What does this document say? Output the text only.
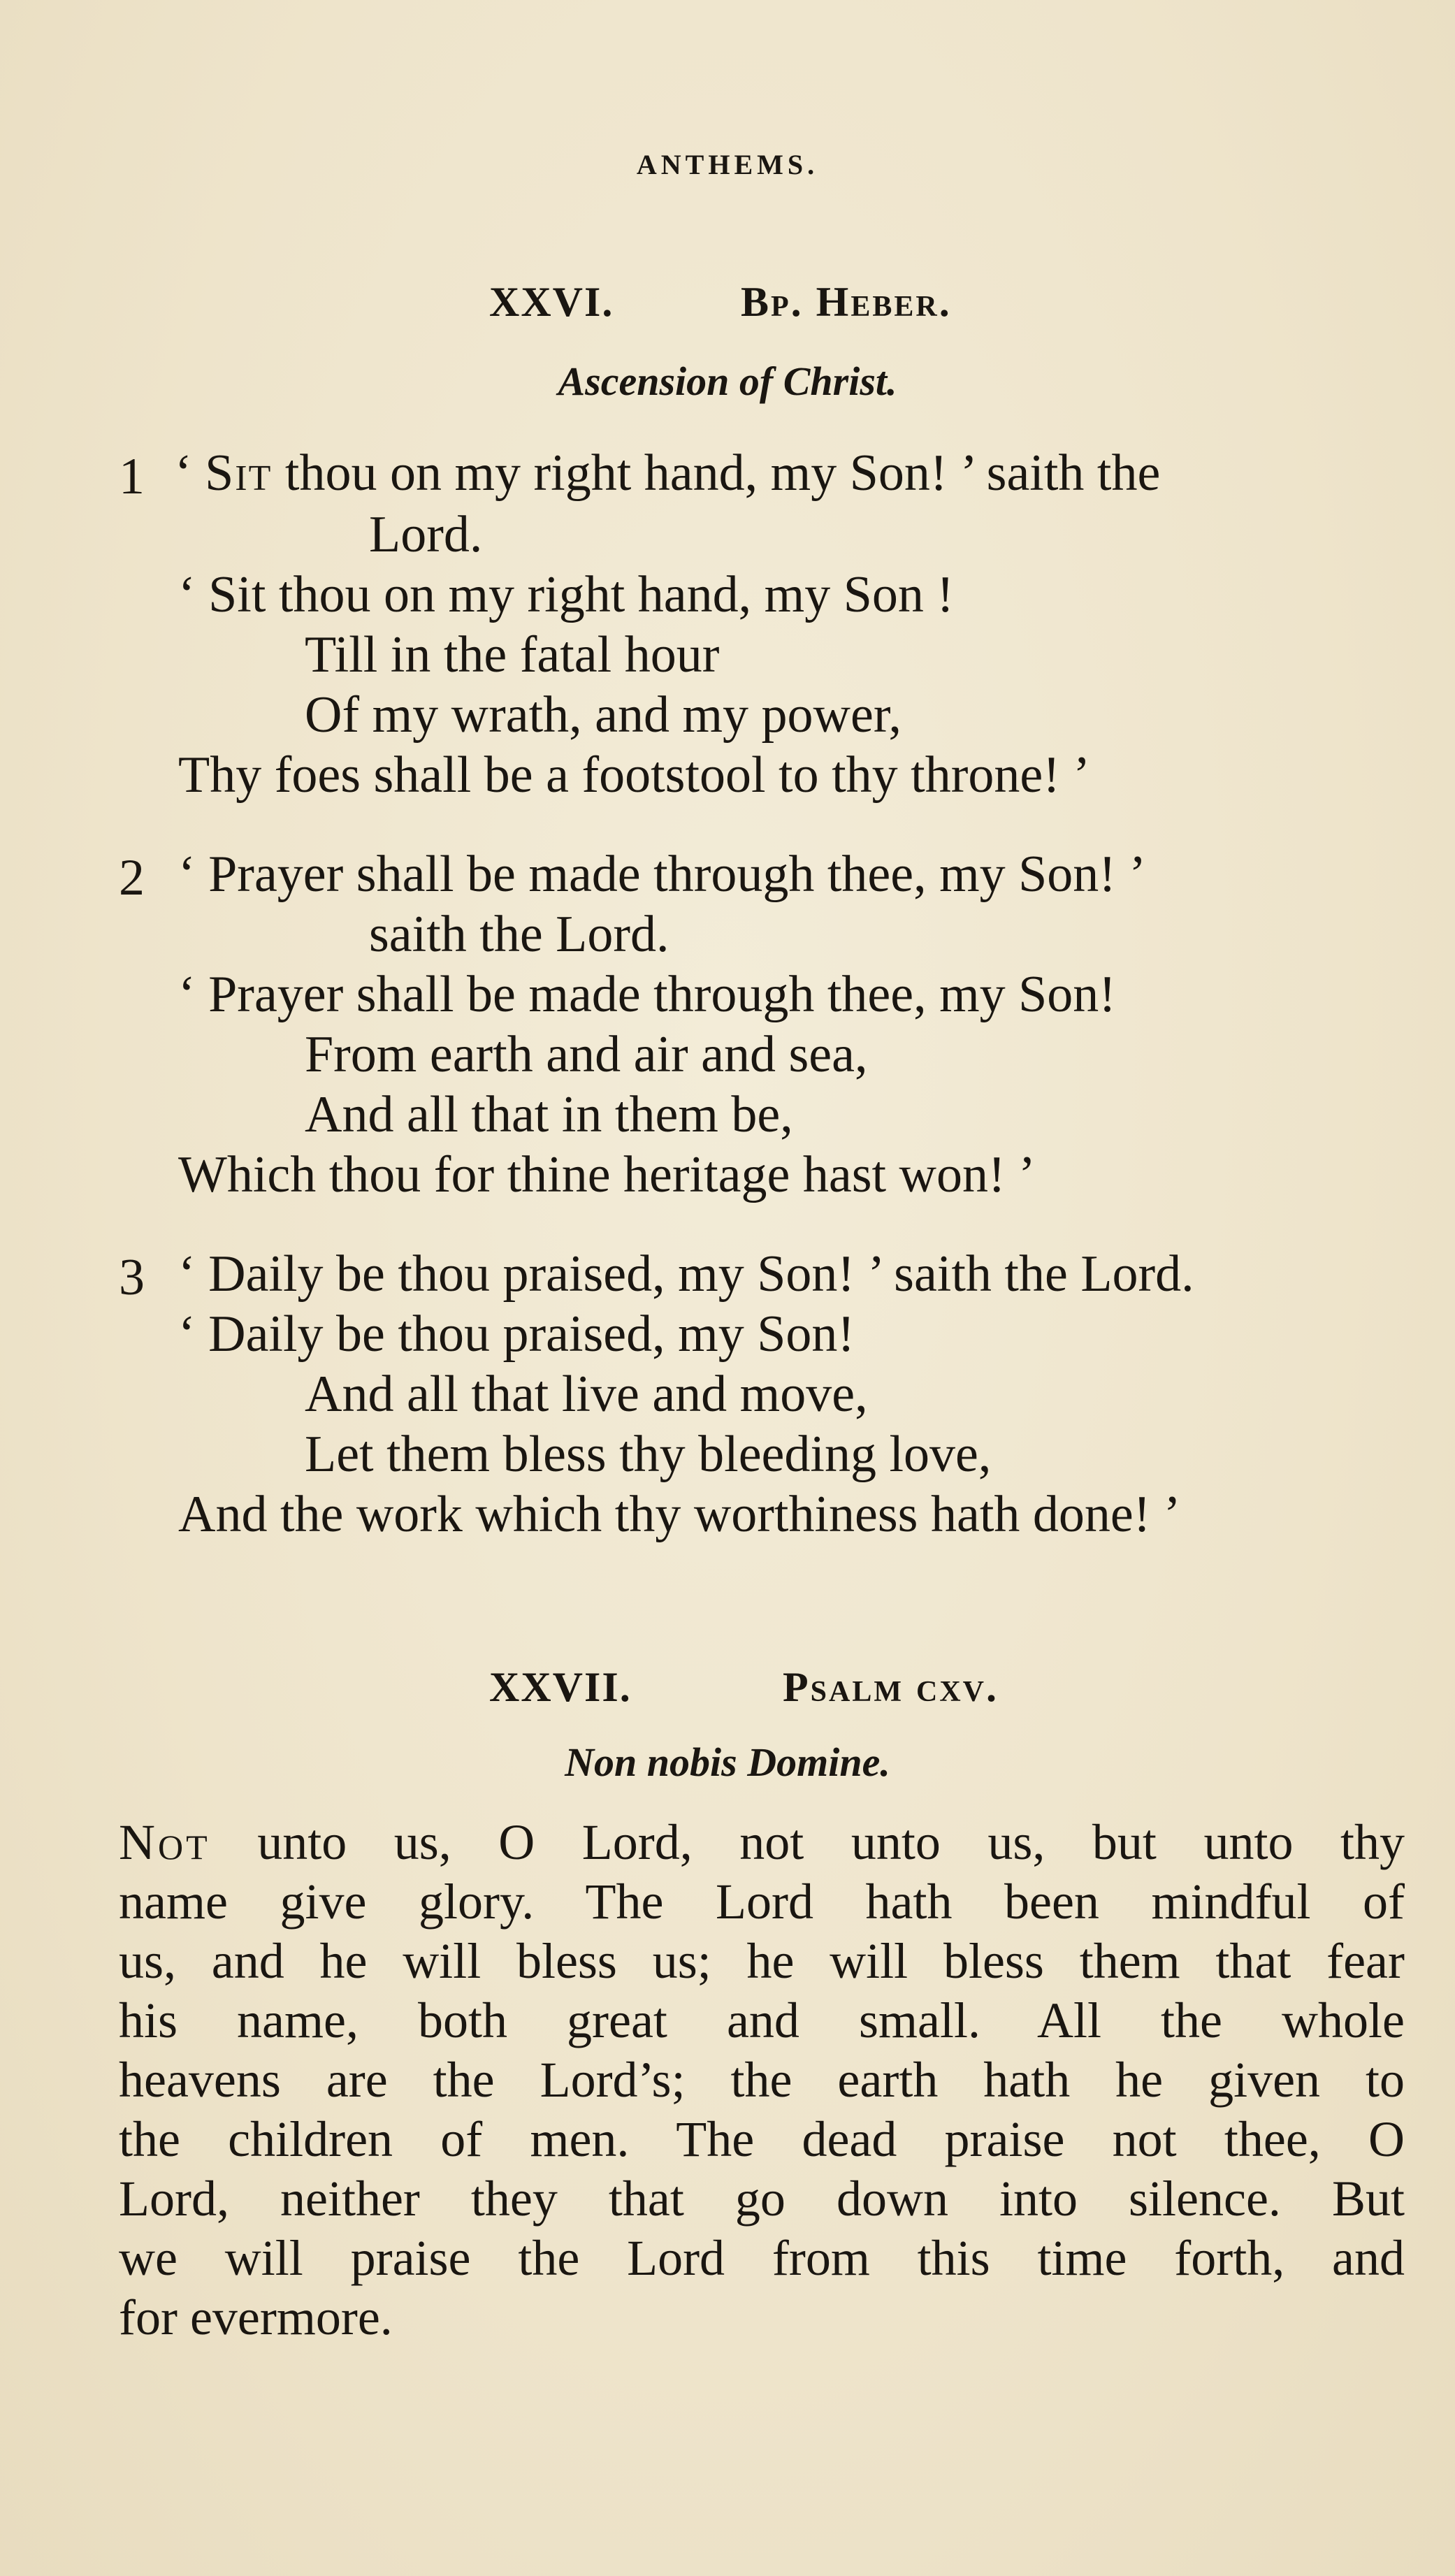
ANTHEMS.
XXVI.	Bp. Heber.
Ascension of Christ.
1 ‘ Sit thou on my right hand, my Son! ’ saith the
Lord.
‘ Sit thou on my right hand, my Son !
Till in the fatal hour
Of my wrath, and my power,
Thy foes shall be a footstool to thy throne! ’
2 ‘ Prayer shall be made through thee, my Son! ’
saith the Lord.
‘ Prayer shall be made through thee, my Son!
From earth and air and sea,
And all that in them be,
Which thou for thine heritage hast won! ’
3 ‘ Daily be thou praised, my Son! ’ saith the Lord.
‘ Daily be thou praised, my Son!
And all that live and move,
Let them bless thy bleeding love,
And the work which thy worthiness hath done! ’
XXVII.	Psalm cxv.
Non nobis Domine.
Not unto us, O Lord, not unto us, but unto thy
name give glory. The Lord hath been mindful of
us, and he will bless us; he will bless them that fear
his name, both great and small. All the whole
heavens are the Lord’s; the earth hath he given to
the children of men. The dead praise not thee, O
Lord, neither they that go down into silence. But
we will praise the Lord from this time forth, and
for evermore.
